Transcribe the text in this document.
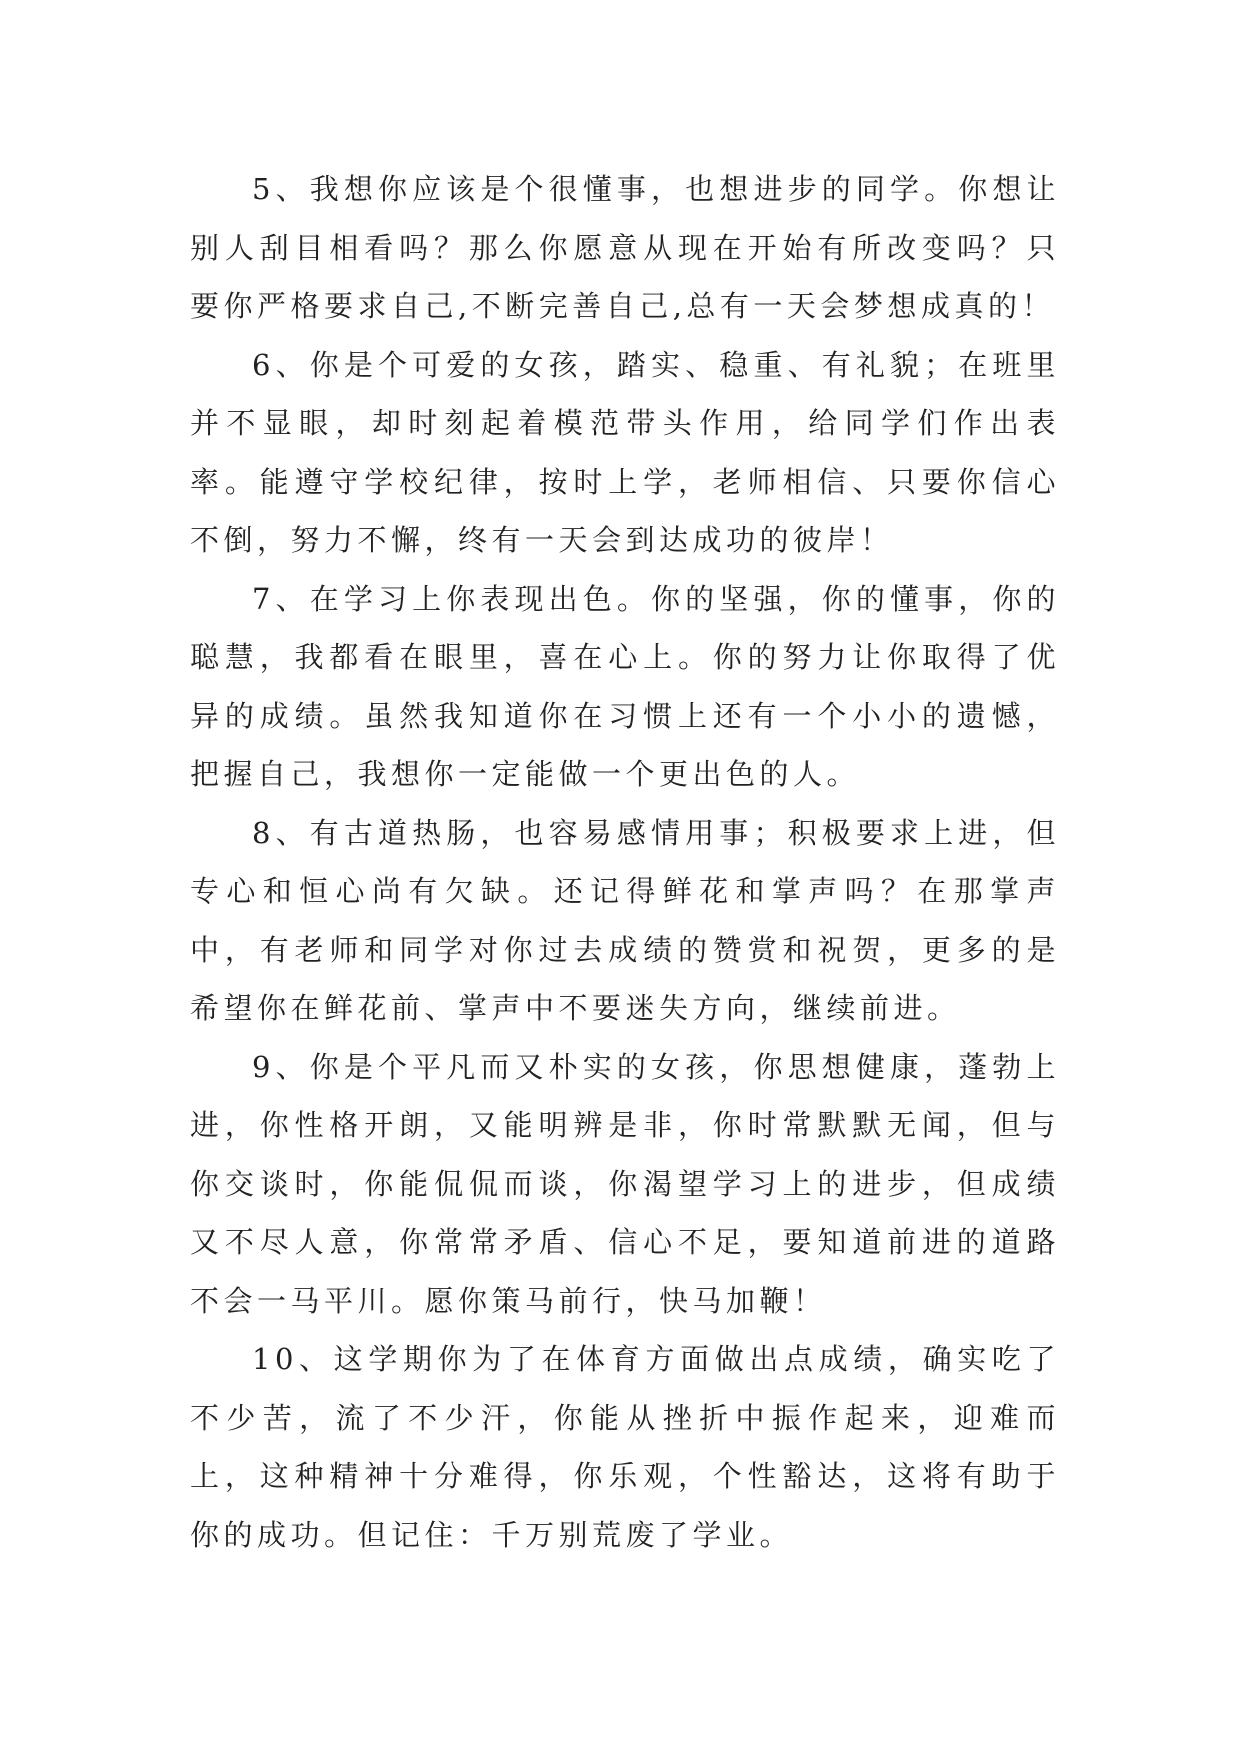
5、我想你应该是个很懂事，也想进步的同学。你想让别人刮目相看吗？那么你愿意从现在开始有所改变吗？只要你严格要求自己,不断完善自己,总有一天会梦想成真的！

6、你是个可爱的女孩，踏实、稳重、有礼貌；在班里并不显眼，却时刻起着模范带头作用，给同学们作出表率。能遵守学校纪律，按时上学，老师相信、只要你信心不倒，努力不懈，终有一天会到达成功的彼岸！

7、在学习上你表现出色。你的坚强，你的懂事，你的聪慧，我都看在眼里，喜在心上。你的努力让你取得了优异的成绩。虽然我知道你在习惯上还有一个小小的遗憾，把握自己，我想你一定能做一个更出色的人。

8、有古道热肠，也容易感情用事；积极要求上进，但专心和恒心尚有欠缺。还记得鲜花和掌声吗？在那掌声中，有老师和同学对你过去成绩的赞赏和祝贺，更多的是希望你在鲜花前、掌声中不要迷失方向，继续前进。

9、你是个平凡而又朴实的女孩，你思想健康，蓬勃上进，你性格开朗，又能明辨是非，你时常默默无闻，但与你交谈时，你能侃侃而谈，你渴望学习上的进步，但成绩又不尽人意，你常常矛盾、信心不足，要知道前进的道路不会一马平川。愿你策马前行，快马加鞭！

10、这学期你为了在体育方面做出点成绩，确实吃了不少苦，流了不少汗，你能从挫折中振作起来，迎难而上，这种精神十分难得，你乐观，个性豁达，这将有助于你的成功。但记住：千万别荒废了学业。
